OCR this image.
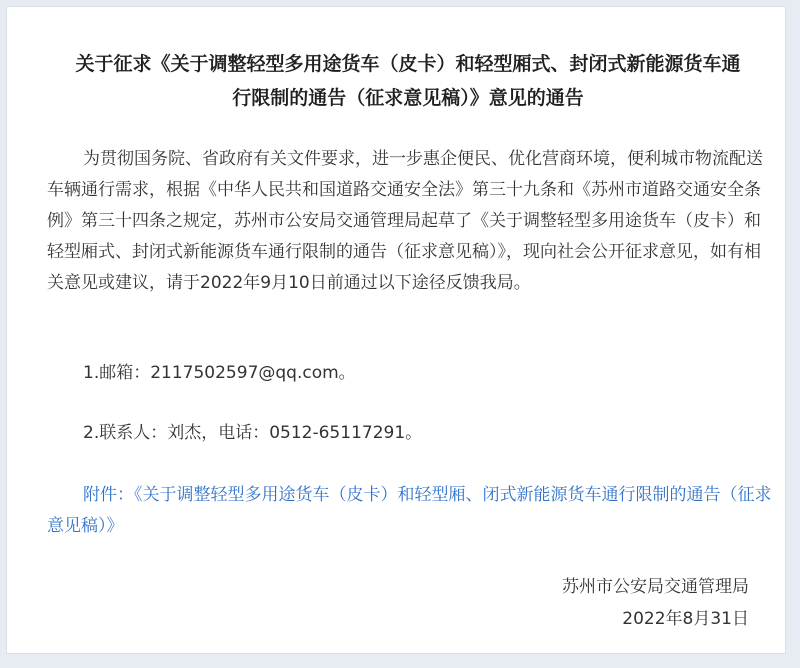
关于征求《关于调整轻型多用途货车（皮卡）和轻型厢式、封闭式新能源货车通
行限制的通告（征求意见稿）》意见的通告
为贯彻国务院、省政府有关文件要求，进一步惠企便民、优化营商环境，便利城市物流配送车辆通行需求，根据《中华人民共和国道路交通安全法》第三十九条和《苏州市道路交通安全条例》第三十四条之规定，苏州市公安局交通管理局起草了《关于调整轻型多用途货车（皮卡）和轻型厢式、封闭式新能源货车通行限制的通告（征求意见稿）》，现向社会公开征求意见，如有相关意见或建议，请于2022年9月10日前通过以下途径反馈我局。
1.邮箱：2117502597@qq.com。
2.联系人：刘杰，电话：0512-65117291。
附件：《关于调整轻型多用途货车（皮卡）和轻型厢、闭式新能源货车通行限制的通告（征求意见稿）》
苏州市公安局交通管理局
2022年8月31日
